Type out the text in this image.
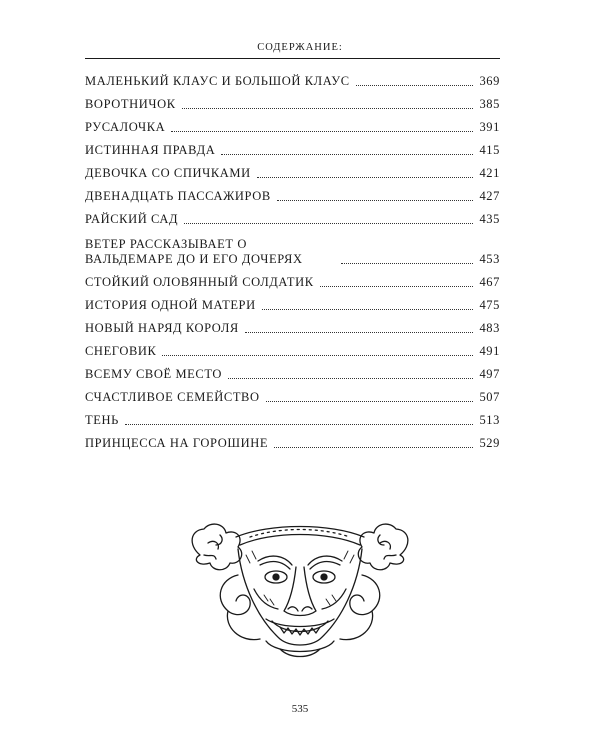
СОДЕРЖАНИЕ:
МАЛЕНЬКИЙ КЛАУС И БОЛЬШОЙ КЛАУС	369
ВОРОТНИЧОК	385
РУСАЛОЧКА	391
ИСТИННАЯ ПРАВДА	415
ДЕВОЧКА СО СПИЧКАМИ	421
ДВЕНАДЦАТЬ ПАССАЖИРОВ	427
РАЙСКИЙ САД	435
ВЕТЕР РАССКАЗЫВАЕТ О ВАЛЬДЕМАРЕ ДО И ЕГО ДОЧЕРЯХ	453
СТОЙКИЙ ОЛОВЯННЫЙ СОЛДАТИК	467
ИСТОРИЯ ОДНОЙ МАТЕРИ	475
НОВЫЙ НАРЯД КОРОЛЯ	483
СНЕГОВИК	491
ВСЕМУ СВОЁ МЕСТО	497
СЧАСТЛИВОЕ СЕМЕЙСТВО	507
ТЕНЬ	513
ПРИНЦЕССА НА ГОРОШИНЕ	529
535
